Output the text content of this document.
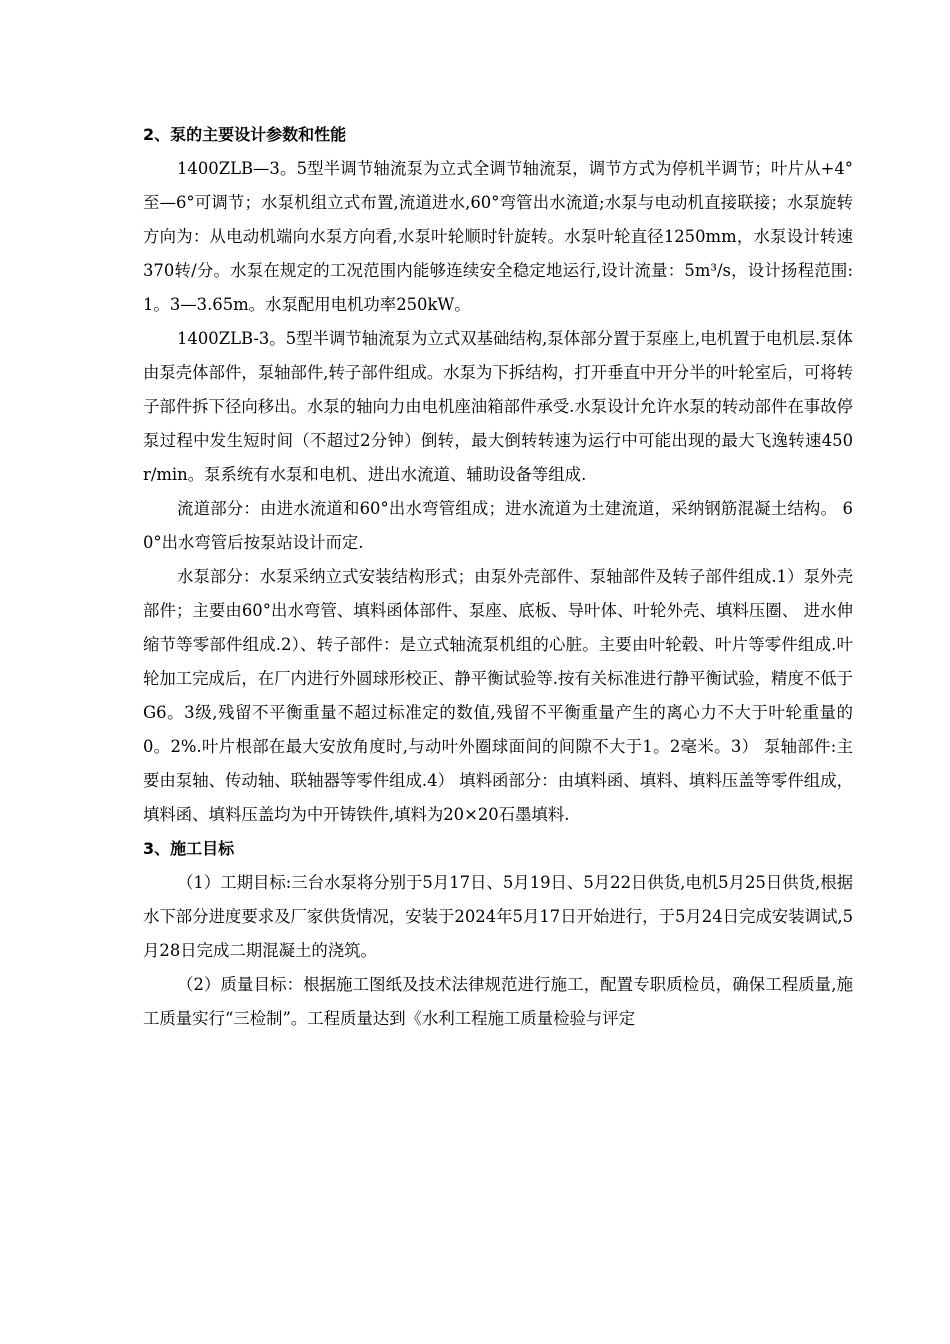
2、泵的主要设计参数和性能

1400ZLB—3。5型半调节轴流泵为立式全调节轴流泵，调节方式为停机半调节；叶片从+4°至—6°可调节；水泵机组立式布置,流道进水,60°弯管出水流道;水泵与电动机直接联接；水泵旋转方向为：从电动机端向水泵方向看,水泵叶轮顺时针旋转。水泵叶轮直径1250mm，水泵设计转速370转/分。水泵在规定的工况范围内能够连续安全稳定地运行,设计流量：5m³/s，设计扬程范围:1。3—3.65m。水泵配用电机功率250kW。

1400ZLB-3。5型半调节轴流泵为立式双基础结构,泵体部分置于泵座上,电机置于电机层.泵体由泵壳体部件，泵轴部件,转子部件组成。水泵为下拆结构，打开垂直中开分半的叶轮室后，可将转子部件拆下径向移出。水泵的轴向力由电机座油箱部件承受.水泵设计允许水泵的转动部件在事故停泵过程中发生短时间（不超过2分钟）倒转，最大倒转转速为运行中可能出现的最大飞逸转速450r/min。泵系统有水泵和电机、进出水流道、辅助设备等组成.

流道部分：由进水流道和60°出水弯管组成；进水流道为土建流道，采纳钢筋混凝土结构。 60°出水弯管后按泵站设计而定.

水泵部分：水泵采纳立式安装结构形式；由泵外壳部件、泵轴部件及转子部件组成.1）泵外壳部件；主要由60°出水弯管、填料函体部件、泵座、底板、导叶体、叶轮外壳、填料压圈、 进水伸缩节等零部件组成.2）、转子部件：是立式轴流泵机组的心脏。主要由叶轮毂、叶片等零件组成.叶轮加工完成后，在厂内进行外圆球形校正、静平衡试验等.按有关标准进行静平衡试验，精度不低于G6。3级,残留不平衡重量不超过标准定的数值,残留不平衡重量产生的离心力不大于叶轮重量的0。2%.叶片根部在最大安放角度时,与动叶外圈球面间的间隙不大于1。2毫米。3） 泵轴部件:主要由泵轴、传动轴、联轴器等零件组成.4） 填料函部分：由填料函、填料、填料压盖等零件组成，填料函、填料压盖均为中开铸铁件,填料为20×20石墨填料.

3、施工目标

（1）工期目标:三台水泵将分别于5月17日、5月19日、5月22日供货,电机5月25日供货,根据水下部分进度要求及厂家供货情况，安装于2024年5月17日开始进行，于5月24日完成安装调试,5月28日完成二期混凝土的浇筑。

（2）质量目标：根据施工图纸及技术法律规范进行施工，配置专职质检员，确保工程质量,施工质量实行“三检制”。工程质量达到《水利工程施工质量检验与评定
